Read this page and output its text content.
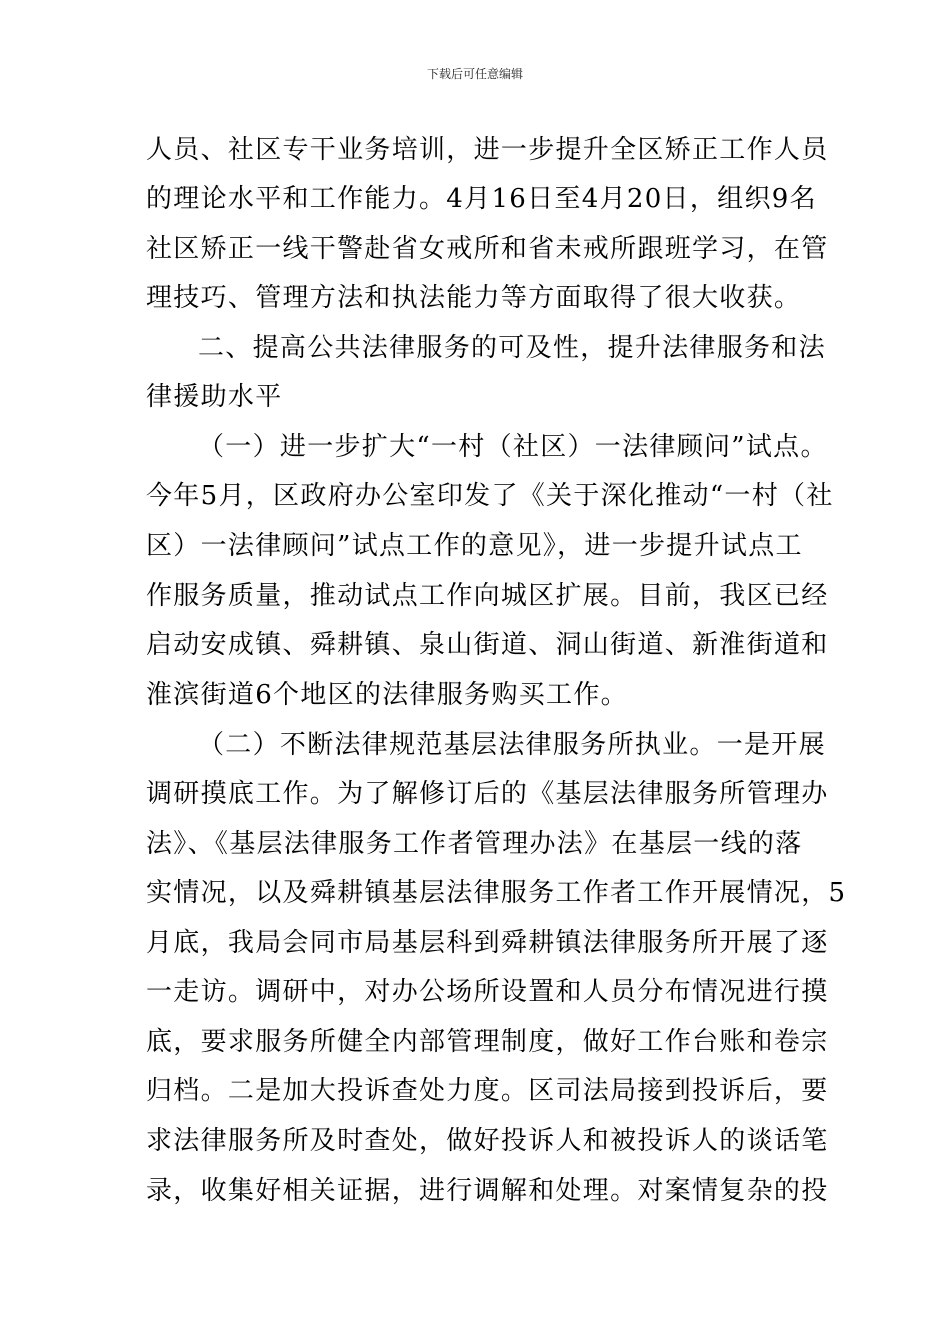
下载后可任意编辑
人员、社区专干业务培训，进一步提升全区矫正工作人员
的理论水平和工作能力。4月16日至4月20日，组织9名
社区矫正一线干警赴省女戒所和省未戒所跟班学习，在管
理技巧、管理方法和执法能力等方面取得了很大收获。
二、提高公共法律服务的可及性，提升法律服务和法
律援助水平
（一）进一步扩大“一村（社区）一法律顾问”试点。
今年5月，区政府办公室印发了《关于深化推动“一村（社
区）一法律顾问”试点工作的意见》，进一步提升试点工
作服务质量，推动试点工作向城区扩展。目前，我区已经
启动安成镇、舜耕镇、泉山街道、洞山街道、新淮街道和
淮滨街道6个地区的法律服务购买工作。
（二）不断法律规范基层法律服务所执业。一是开展
调研摸底工作。为了解修订后的《基层法律服务所管理办
法》、《基层法律服务工作者管理办法》在基层一线的落
实情况，以及舜耕镇基层法律服务工作者工作开展情况，5
月底，我局会同市局基层科到舜耕镇法律服务所开展了逐
一走访。调研中，对办公场所设置和人员分布情况进行摸
底，要求服务所健全内部管理制度，做好工作台账和卷宗
归档。二是加大投诉查处力度。区司法局接到投诉后，要
求法律服务所及时查处，做好投诉人和被投诉人的谈话笔
录，收集好相关证据，进行调解和处理。对案情复杂的投
